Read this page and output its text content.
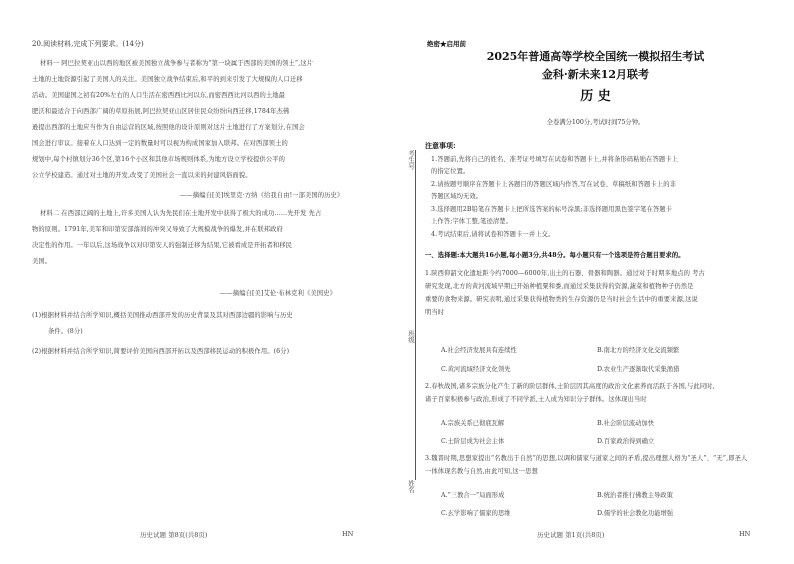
20.阅读材料,完成下列要求。(14分)
材料一 阿巴拉契亚山以西的地区被美国独立战争参与者称为“第一块属于西部的美国的领土”,这片
土地的土地资源引起了美国人的关注。美国独立战争结束后,和平的到来引发了大规模的人口迁移
活动。美国建国之初有20%左右的人口生活在密西西比河以东,而密西西比河以西的土地最
肥沃和最适合于向西部广阔的草原拓展,阿巴拉契亚山区居住民众纷纷向西迁移,1784年杰佛
逊提出西部的土地应当作为自由运营的区域,按照他的设计原则对这片土地进行了方案划分,在国会
国会进行审议。接着在人口达到一定的数量时可以视为构成国家加入联邦。在对西部领土的
规划中,每个村镇划分36个区,第16个小区和其他市场规则体系,为地方设立学校提供公平的
公立学校建造。通过对土地的开发,改变了美国社会一直以来的封建风俗面貌。
——摘编自[美]埃里克·方纳《给我自由!一部美国的历史》
材料二 在西部辽阔的土地上,许多美国人认为先民们在土地开发中获得了极大的成功……先开发 先占
物的原则。1791年,美军和印第安部落间的冲突又导致了大规模战争的爆发,并在联邦政府
决定性的作用。一年以后,这场战争以对印第安人的强制迁移为结果,它被看成是开拓者和移民
美国。
——摘编自[美]艾伦·布林克利《美国史》
(1)根据材料并结合所学知识,概括美国推动西部开发的历史背景及其对西部边疆的影响与历史
条件。(8分)
(2)根据材料并结合所学知识,简要评价美国向西部开拓以及西部移民运动的积极作用。(6分)
历史试题 第8页(共8页)	HN
考生号
班级
姓名
绝密★启用前
2025年普通高等学校全国统一模拟招生考试
金科·新未来12月联考
历 史
全卷满分100分,考试时间75分钟。
注意事项:
1.答题前,先将自己的姓名、准考证号填写在试卷和答题卡上,并将条形码粘贴在答题卡上
的指定位置。
2.请按题号顺序在答题卡上各题目的答题区域内作答,写在试卷、草稿纸和答题卡上的非
答题区域均无效。
3.选择题用2B铅笔在答题卡上把所选答案的标号涂黑;非选择题用黑色签字笔在答题卡
上作答;字体工整,笔迹清楚。
4.考试结束后,请将试卷和答题卡一并上交。
一、选择题:本大题共16小题,每小题3分,共48分。每小题只有一个选项是符合题目要求的。
1.陕西仰韶文化遗址距今约7000—6000年,出土的石器、骨器和陶器。通过对于时期多地点的 考古
研究发现,北方的黄河流域早期已开始种植粟和黍,而通过采集获得的资源,蔬菜和植物种子仍然是
重要的食物来源。研究表明,通过采集获得植物类的生存资源仍是当时社会生活中的重要来源,这说
明当时
A.社会经济发展具有连续性	B.南北方的经济文化交流频繁
C.黄河流域经济文化领先	D.农业生产逐渐取代采集渔猎
2.春秋战国,诸多宗族分化产生了新的阶层群体,士阶层因其高度的政治文化素养而活跃于各国,与此同时,
诸子百家积极参与政治,形成了不同学派,士人成为知识分子群体。这体现出当时
A.宗族关系已彻底瓦解	B.社会阶层流动加快
C.士阶层成为社会主体	D.百家政治得到确立
3.魏晋时期,思想家提出“名教出于自然”的思想,以调和儒家与道家之间的矛盾,提出理想人格为“圣人”、“无”,即圣人
一体体现名教与自然,由此可知,这一思想
A.“三教合一”局面形成	B.统治者推行佛教主导政策
C.玄学影响了儒家的思维	D.儒学的社会教化功能增强
历史试题 第1页(共8页)	HN
